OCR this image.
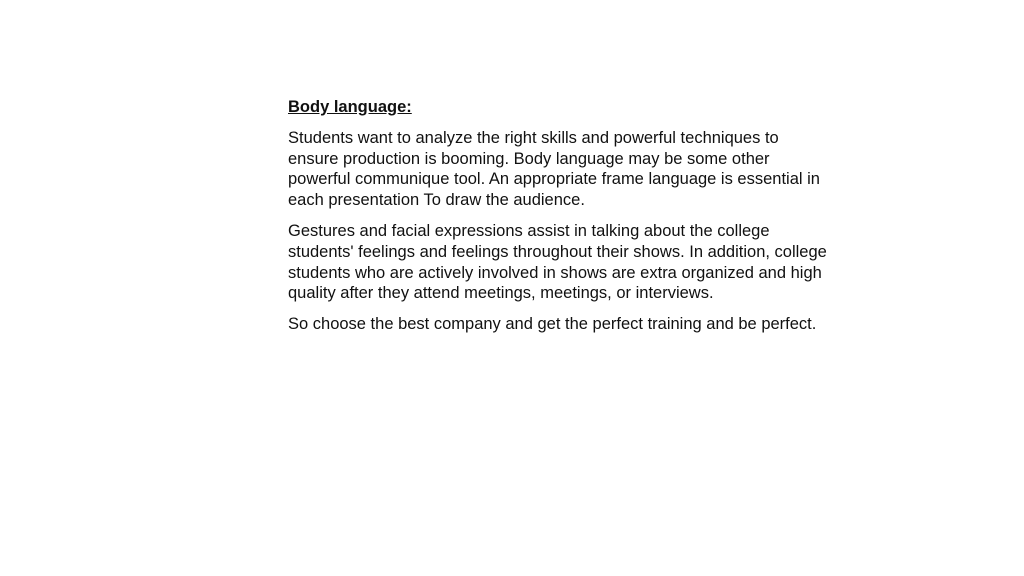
Body language:

Students want to analyze the right skills and powerful techniques to ensure production is booming. Body language may be some other powerful communique tool. An appropriate frame language is essential in each presentation To draw the audience.

Gestures and facial expressions assist in talking about the college students' feelings and feelings throughout their shows. In addition, college students who are actively involved in shows are extra organized and high quality after they attend meetings, meetings, or interviews.

So choose the best company and get the perfect training and be perfect.
